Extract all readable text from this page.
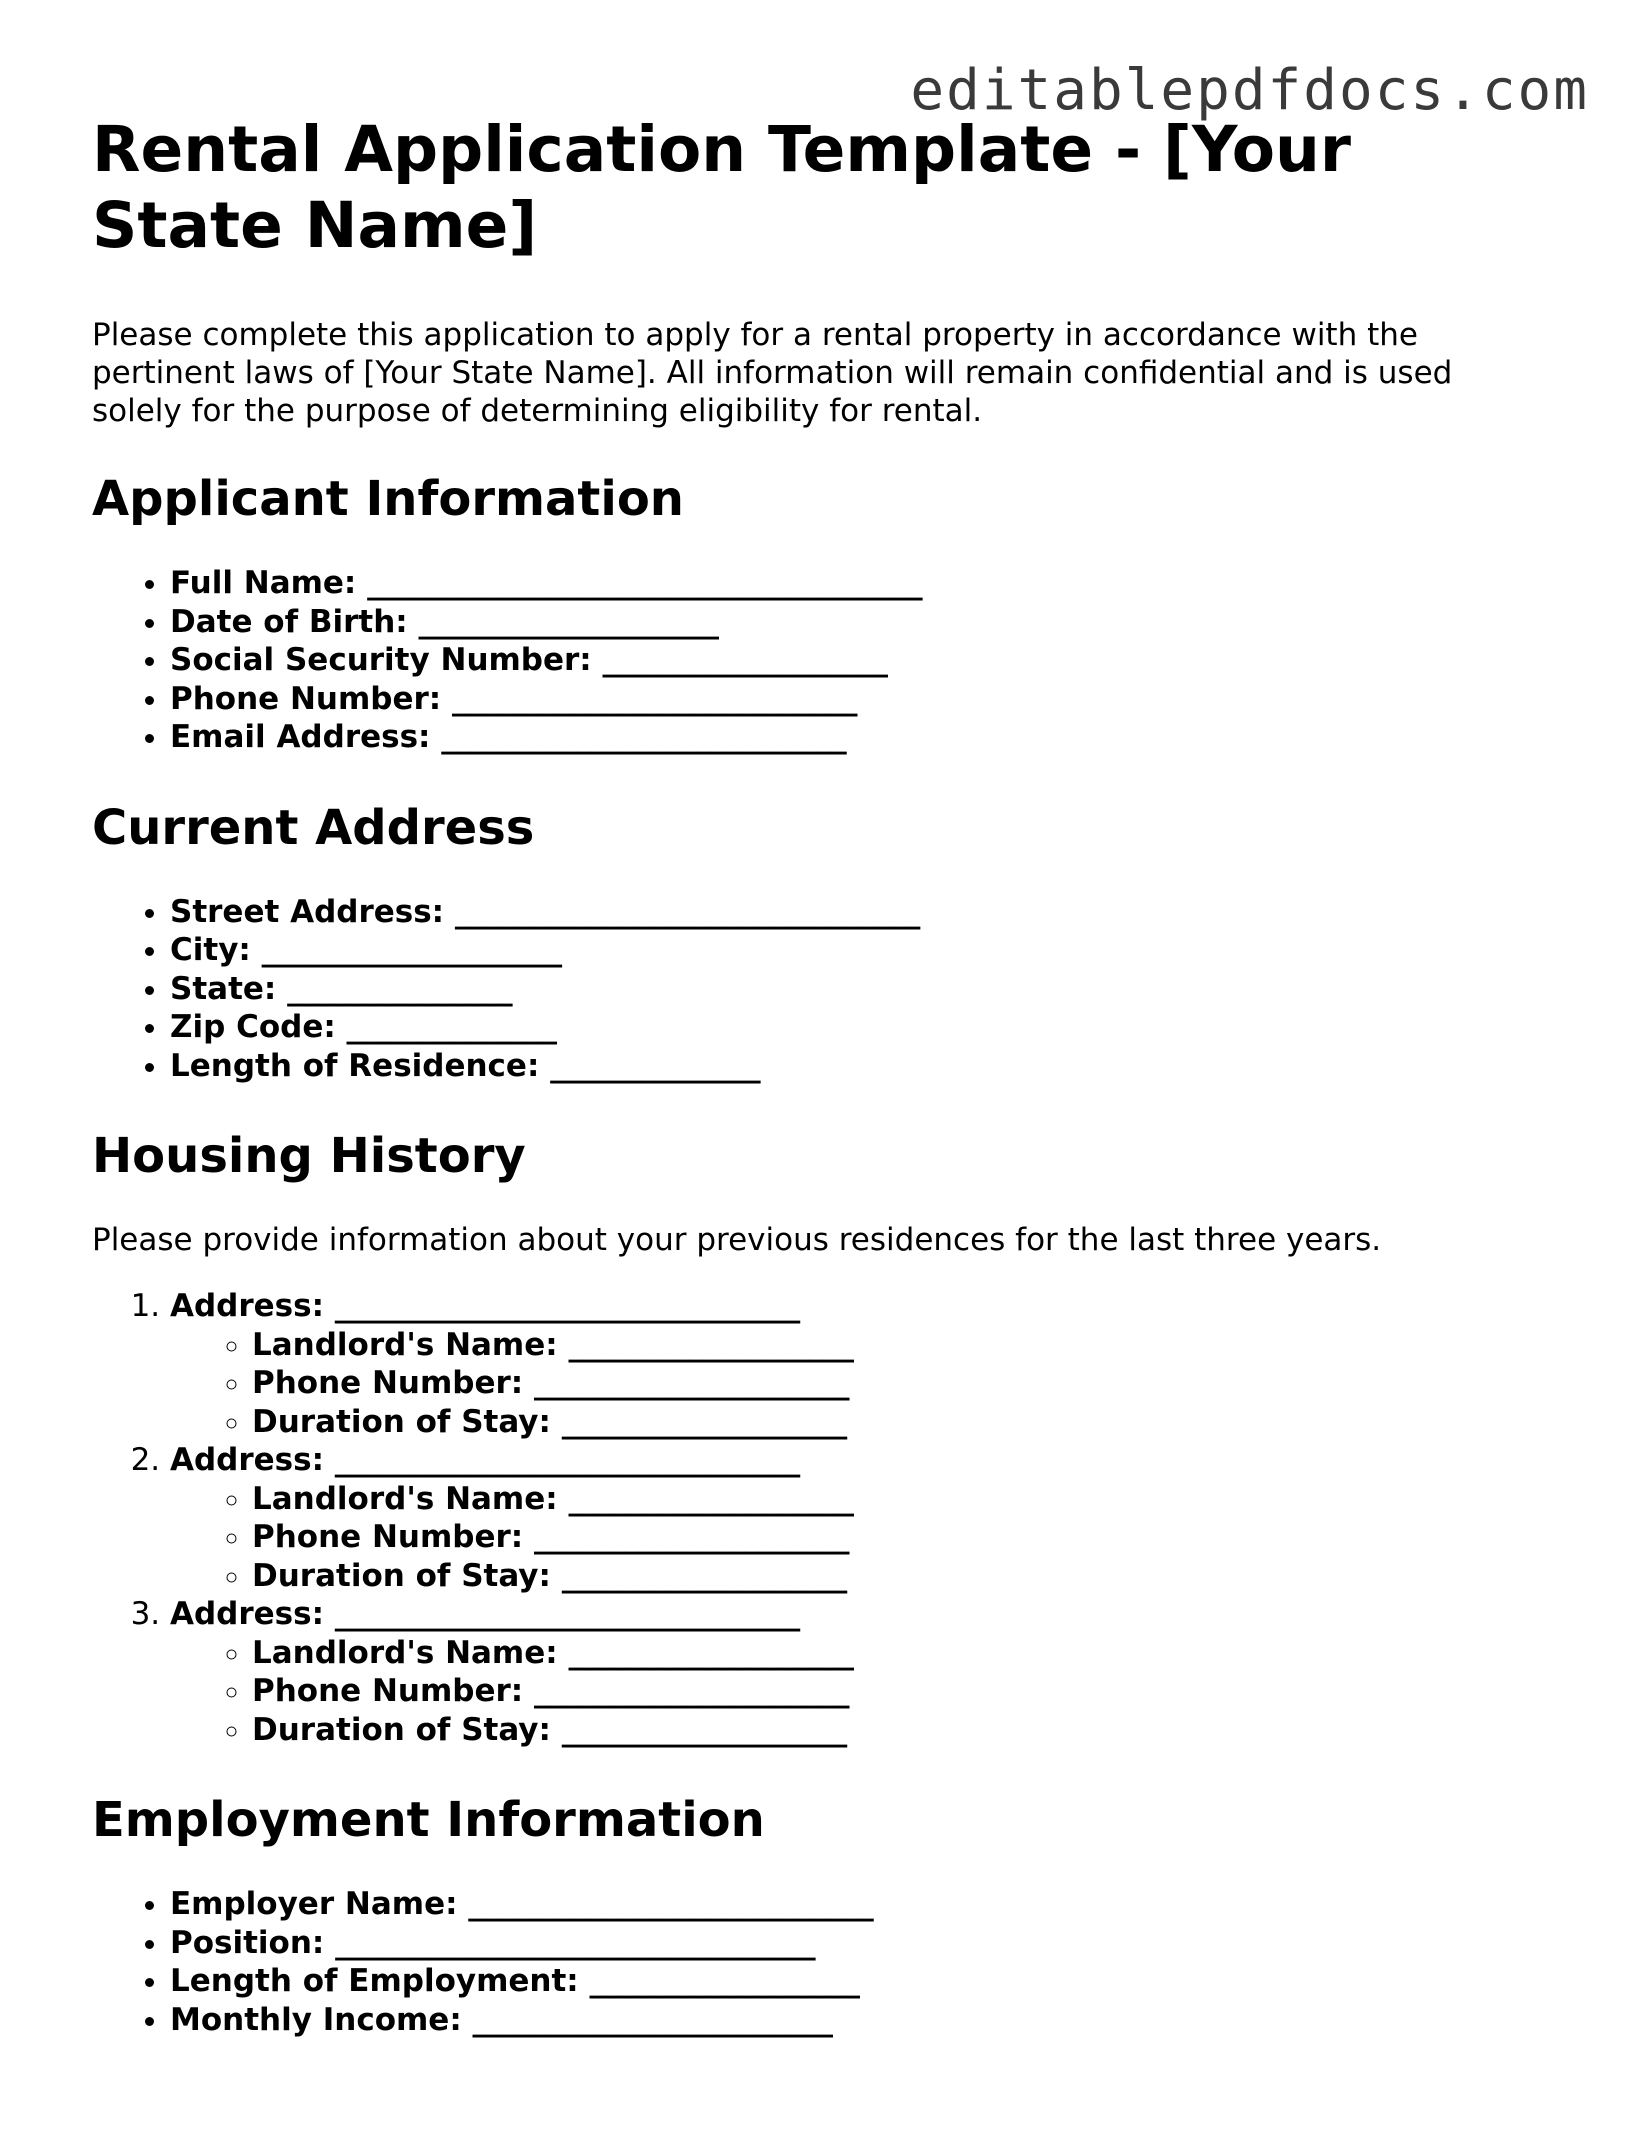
editablepdfdocs.com
Rental Application Template - [Your State Name]

Please complete this application to apply for a rental property in accordance with the pertinent laws of [Your State Name]. All information will remain confidential and is used solely for the purpose of determining eligibility for rental.

Applicant Information
• Full Name: _____________________________________
• Date of Birth: ____________________
• Social Security Number: ___________________
• Phone Number: ___________________________
• Email Address: ___________________________
Current Address
• Street Address: _______________________________
• City: ____________________
• State: _______________
• Zip Code: ______________
• Length of Residence: ______________
Housing History

Please provide information about your previous residences for the last three years.

1. Address: _______________________________
◦ Landlord's Name: ___________________
◦ Phone Number: _____________________
◦ Duration of Stay: ___________________
2. Address: _______________________________
◦ Landlord's Name: ___________________
◦ Phone Number: _____________________
◦ Duration of Stay: ___________________
3. Address: _______________________________
◦ Landlord's Name: ___________________
◦ Phone Number: _____________________
◦ Duration of Stay: ___________________
Employment Information
• Employer Name: ___________________________
• Position: ________________________________
• Length of Employment: __________________
• Monthly Income: ________________________
